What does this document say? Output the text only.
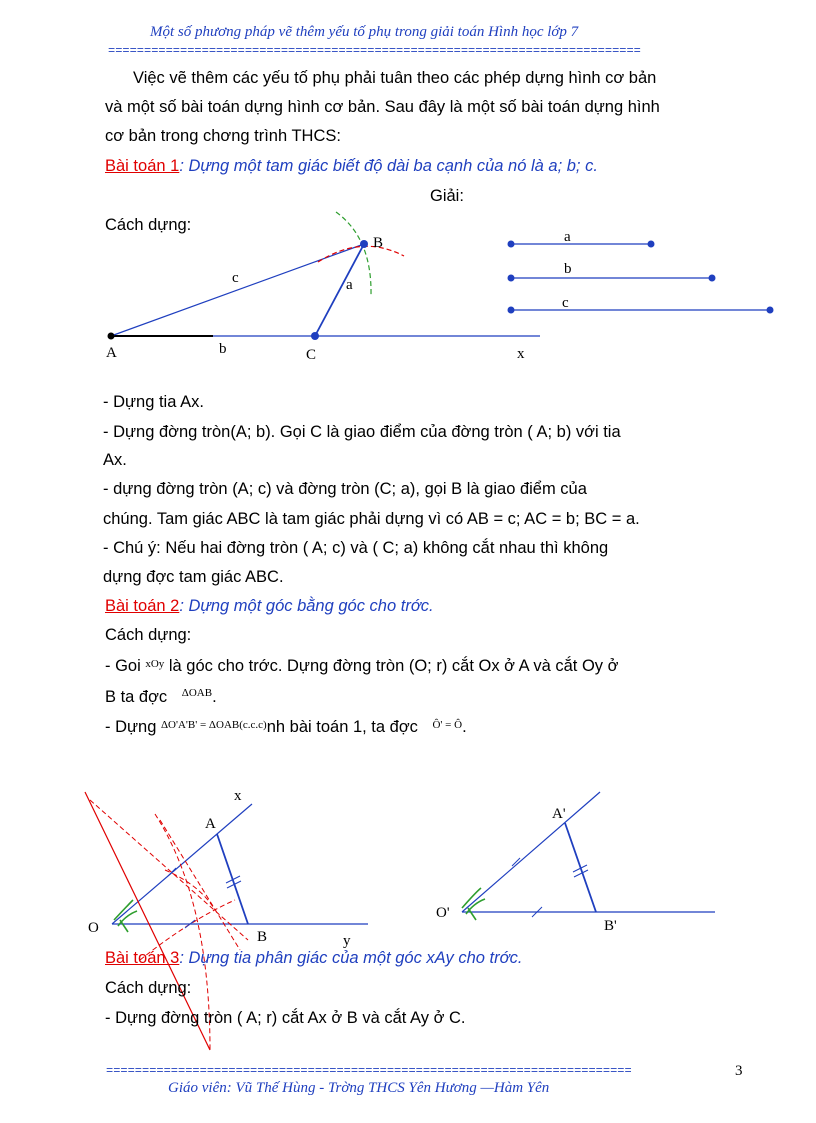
Một số phương pháp vẽ thêm yếu tố phụ trong giải toán Hình học lớp 7
==========================================================================
Việc vẽ thêm các yếu tố phụ phải tuân theo các phép dựng hình cơ bản
và một số bài toán dựng hình cơ bản. Sau đây là một số bài toán dựng hình
cơ bản trong chơng trình THCS:
Bài toán 1: Dựng một tam giác biết độ dài ba cạnh của nó là a; b; c.
Giải:
Cách dựng:
A	C
B
x
b
a
c
a
b
c
- Dựng tia Ax.
- Dựng đờng tròn(A; b). Gọi C là giao điểm của đờng tròn ( A; b) với tia
Ax.
- dựng đờng tròn (A; c) và đờng tròn (C; a), gọi B là giao điểm của
chúng. Tam giác ABC là tam giác phải dựng vì có AB = c; AC = b; BC = a.
- Chú ý: Nếu hai đờng tròn ( A; c) và ( C; a) không cắt nhau thì không
dựng đợc tam giác ABC.
Bài toán 2: Dựng một góc bằng góc cho trớc.
Cách dựng:
- Goi $^{xOy}$ là góc cho trớc. Dựng đờng tròn (O; r) cắt Ox ở A và cắt Oy ở
B ta đợc $^{\Delta OAB}$.
- Dựng $^{\Delta O'A'B' = \Delta OAB(c.c.c)}$nh bài toán 1, ta đợc $^{Ô' = Ô}$.
O
A
B
x
y
O'
A'
B'
Bài toán 3: Dựng tia phân giác của một góc xAy cho trớc.
Cách dựng:
- Dựng đờng tròn ( A; r) cắt Ax ở B và cắt Ay ở C.
=========================================================================	3
Giáo viên: Vũ Thế Hùng - Trờng THCS Yên Hương —Hàm Yên
